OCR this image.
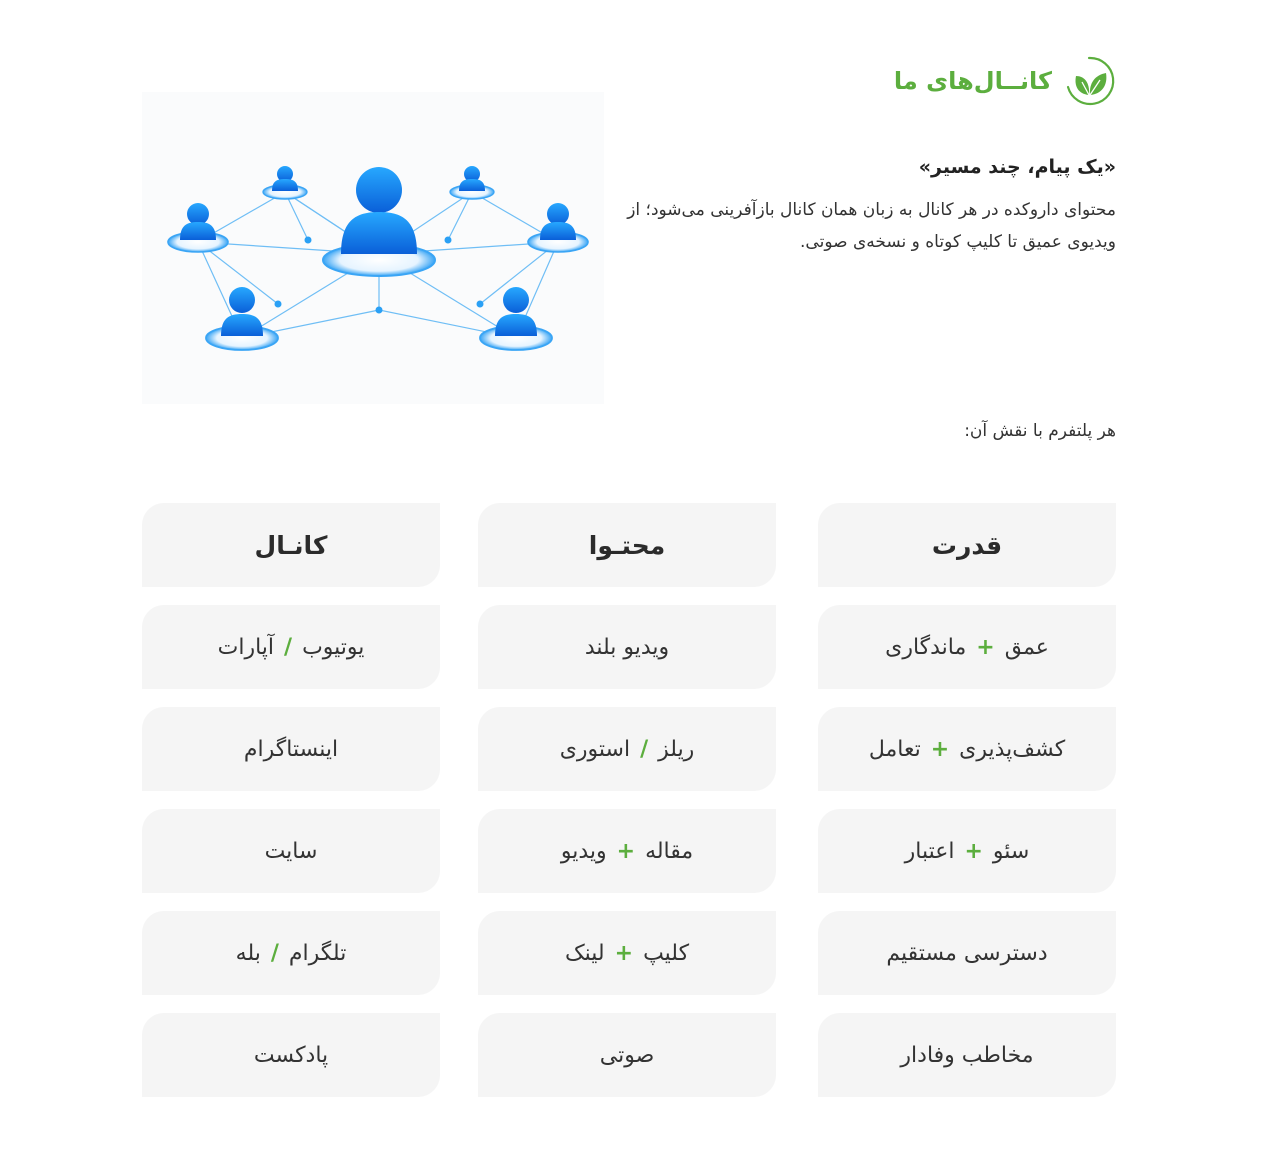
کانــال‌های ما

«یک پیام، چند مسیر»

محتوای داروکده در هر کانال به زبان همان کانال بازآفرینی می‌شود؛ از ویدیوی عمیق تا کلیپ کوتاه و نسخه‌ی صوتی.

هر پلتفرم با نقش آن:
قدرت
عمق
+
ماندگاری
کشف‌پذیری
+
تعامل
سئو
+
اعتبار
دسترسی مستقیم
مخاطب وفادار
محتـوا
ویدیو بلند
ریلز
/
استوری
مقاله
+
ویدیو
کلیپ
+
لینک
صوتی
کانـال
یوتیوب
/
آپارات
اینستاگرام
سایت
تلگرام
/
بله
پادکست
